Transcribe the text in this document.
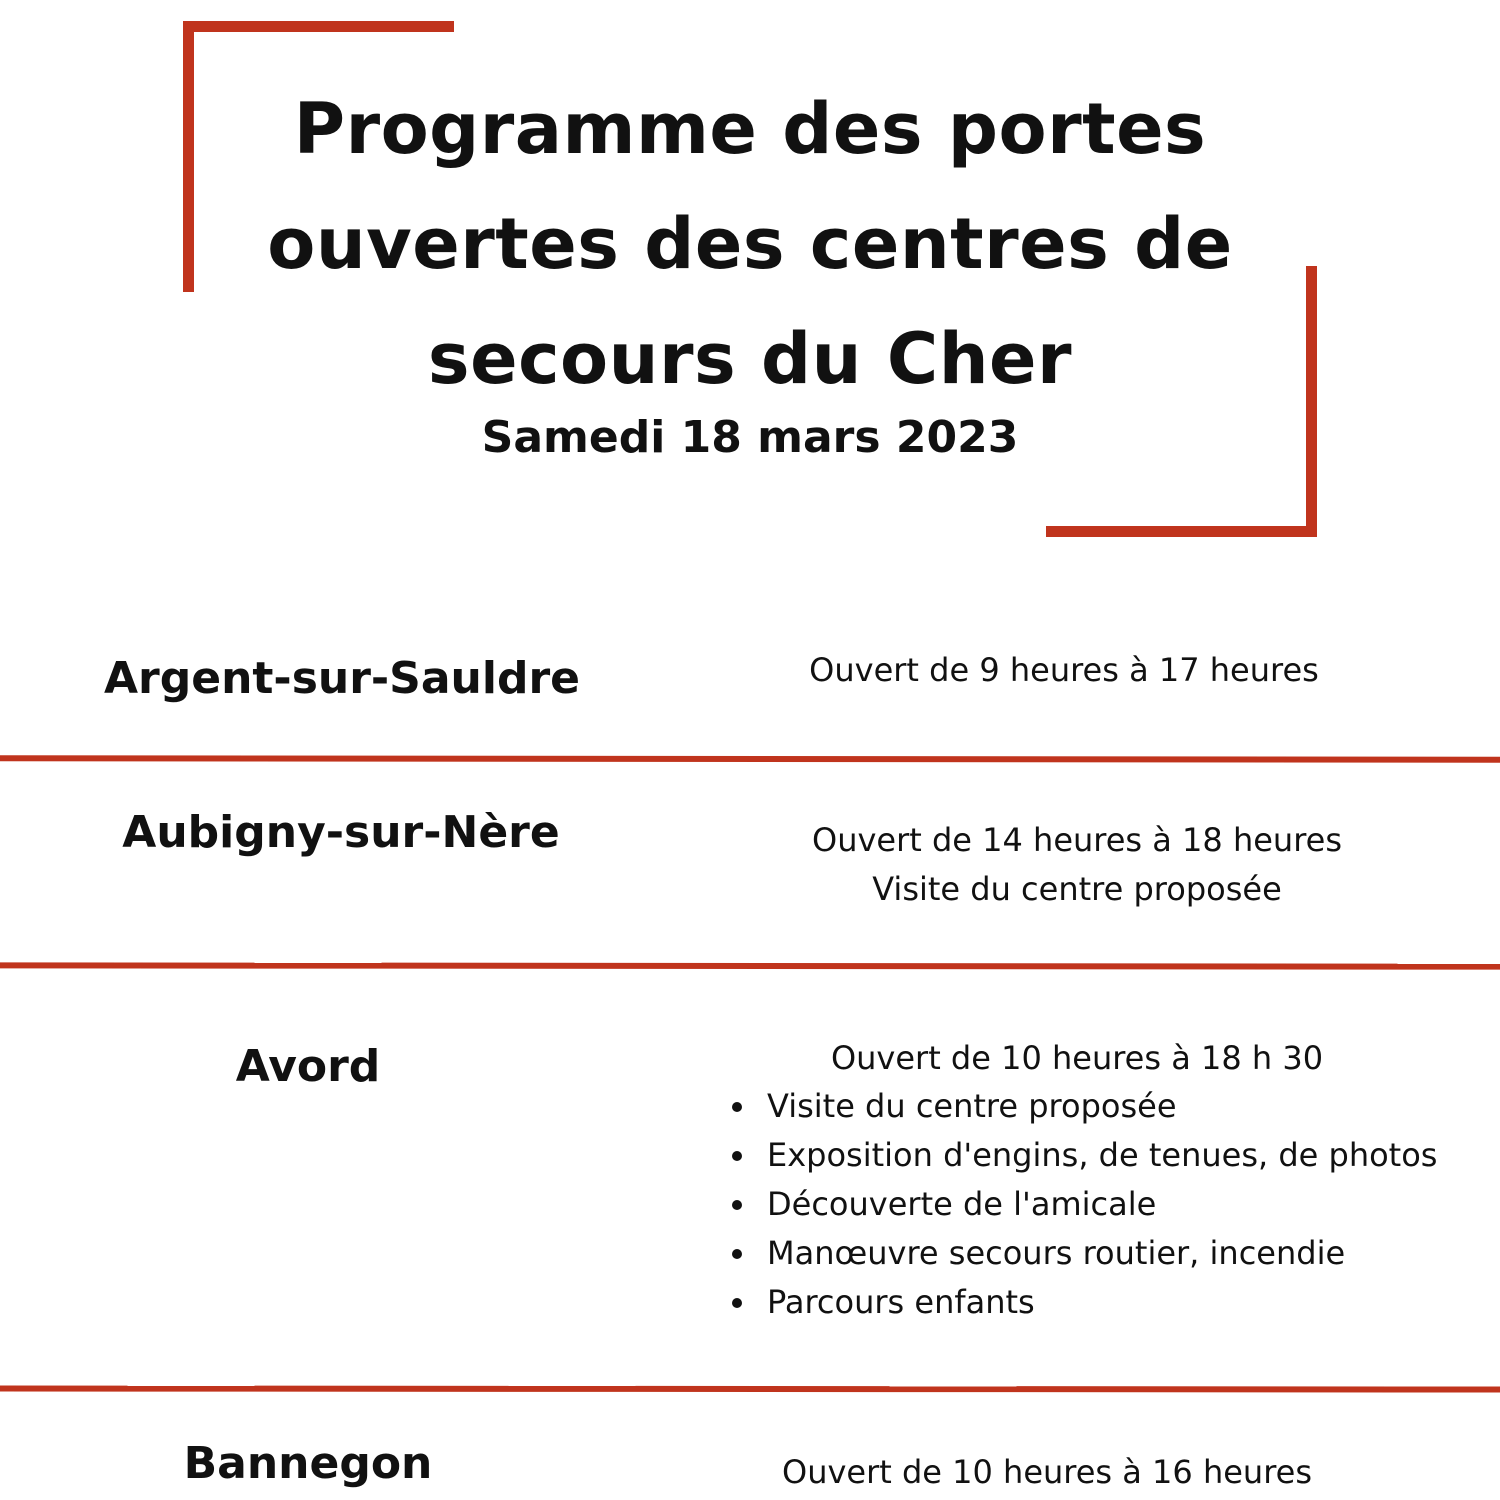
Programme des portes
ouvertes des centres de
secours du Cher

Samedi 18 mars 2023

Argent-sur-Sauldre	Ouvert de 9 heures à 17 heures
Aubigny-sur-Nère	Ouvert de 14 heures à 18 heures
Visite du centre proposée
Avord	Ouvert de 10 heures à 18 h 30
Visite du centre proposée
Exposition d'engins, de tenues, de photos
Découverte de l'amicale
Manœuvre secours routier, incendie
Parcours enfants
Bannegon	Ouvert de 10 heures à 16 heures
